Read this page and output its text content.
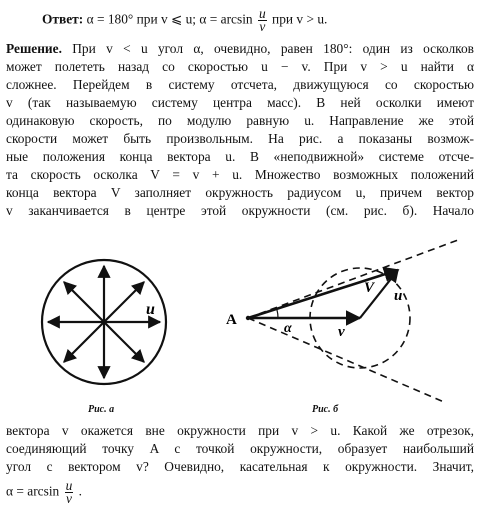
Ответ: α = 180° при v ⩽ u; $\alpha = \arcsin \frac{u}{v}$ при v > u.
Решение. При v < u угол α, очевидно, равен 180°: один из осколков
может полететь назад со скоростью u − v. При v > u найти α
сложнее. Перейдем в систему отсчета, движущуюся со скоростью
v (так называемую систему центра масс). В ней осколки имеют
одинаковую скорость, по модулю равную u. Направление же этой
скорости может быть произвольным. На рис. а показаны возмож-
ные положения конца вектора u. В «неподвижной» системе отсче-
та скорость осколка V = v + u. Множество возможных положений
конца вектора V заполняет окружность радиусом u, причем вектор
v заканчивается в центре этой окружности (см. рис. б). Начало
u
Рис. а
A
α	v
V u
Рис. б
вектора v окажется вне окружности при v > u. Какой же отрезок,
соединяющий точку A с точкой окружности, образует наибольший
угол с вектором v? Очевидно, касательная к окружности. Значит,
$\alpha = \arcsin \frac{u}{v}$ .
